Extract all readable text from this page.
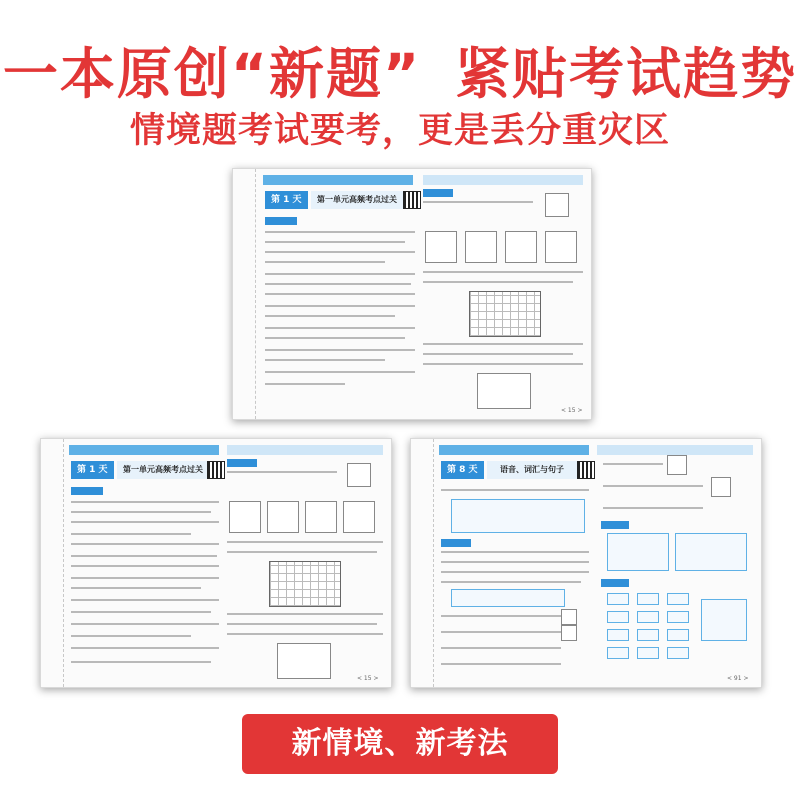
一本原创“新题” 紧贴考试趋势
情境题考试要考，更是丢分重灾区
第 1 天	第一单元高频考点过关
< 15 >
第 1 天	第一单元高频考点过关
< 15 >
第 8 天	语音、词汇与句子
< 91 >
新情境、新考法
